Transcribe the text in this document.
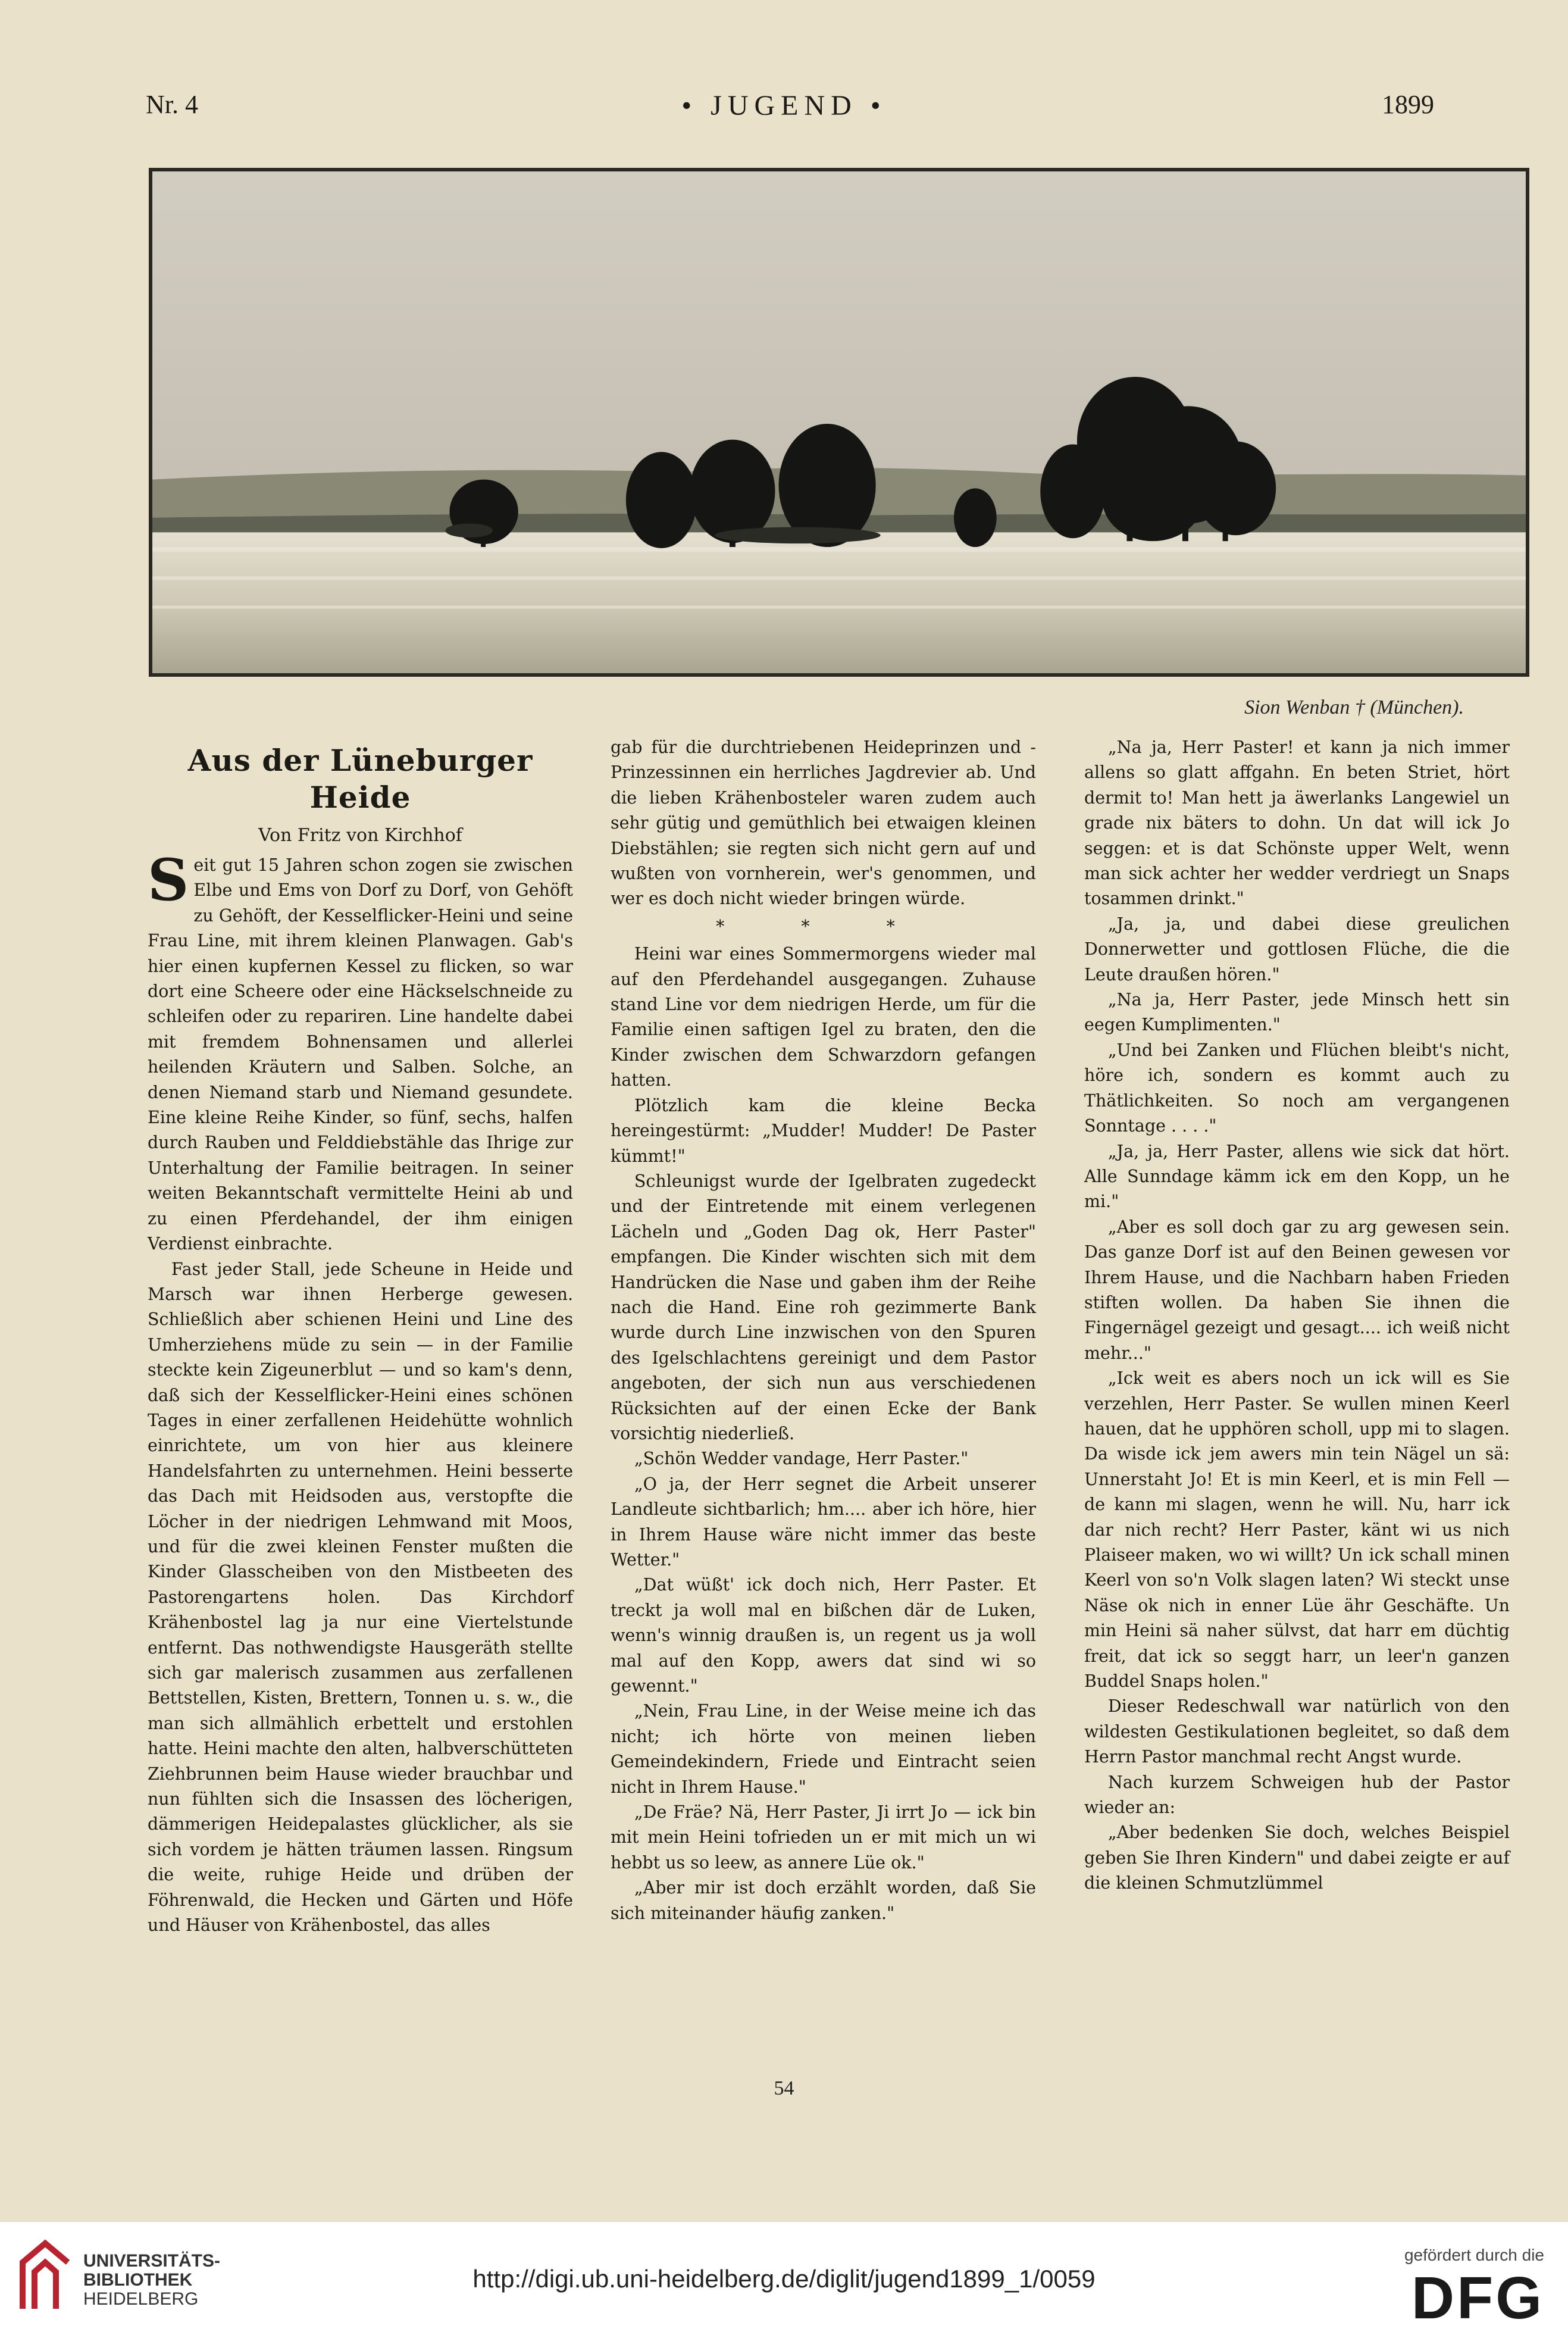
Nr. 4	• JUGEND •	1899
Sion Wenban † (München).
Aus der Lüneburger Heide
Von Fritz von Kirchhof

Seit gut 15 Jahren schon zogen sie zwischen Elbe und Ems von Dorf zu Dorf, von Gehöft zu Gehöft, der Kesselflicker-Heini und seine Frau Line, mit ihrem kleinen Planwagen. Gab's hier einen kupfernen Kessel zu flicken, so war dort eine Scheere oder eine Häckselschneide zu schleifen oder zu repariren. Line handelte dabei mit fremdem Bohnensamen und allerlei heilenden Kräutern und Salben. Solche, an denen Niemand starb und Niemand gesundete. Eine kleine Reihe Kinder, so fünf, sechs, halfen durch Rauben und Felddiebstähle das Ihrige zur Unterhaltung der Familie beitragen. In seiner weiten Bekanntschaft vermittelte Heini ab und zu einen Pferdehandel, der ihm einigen Verdienst einbrachte.

Fast jeder Stall, jede Scheune in Heide und Marsch war ihnen Herberge gewesen. Schließlich aber schienen Heini und Line des Umherziehens müde zu sein — in der Familie steckte kein Zigeunerblut — und so kam's denn, daß sich der Kesselflicker-Heini eines schönen Tages in einer zerfallenen Heidehütte wohnlich einrichtete, um von hier aus kleinere Handelsfahrten zu unternehmen. Heini besserte das Dach mit Heidsoden aus, verstopfte die Löcher in der niedrigen Lehmwand mit Moos, und für die zwei kleinen Fenster mußten die Kinder Glasscheiben von den Mistbeeten des Pastorengartens holen. Das Kirchdorf Krähenbostel lag ja nur eine Viertelstunde entfernt. Das nothwendigste Hausgeräth stellte sich gar malerisch zusammen aus zerfallenen Bettstellen, Kisten, Brettern, Tonnen u. s. w., die man sich allmählich erbettelt und erstohlen hatte. Heini machte den alten, halbverschütteten Ziehbrunnen beim Hause wieder brauchbar und nun fühlten sich die Insassen des löcherigen, dämmerigen Heidepalastes glücklicher, als sie sich vordem je hätten träumen lassen. Ringsum die weite, ruhige Heide und drüben der Föhrenwald, die Hecken und Gärten und Höfe und Häuser von Krähenbostel, das alles

gab für die durchtriebenen Heideprinzen und -Prinzessinnen ein herrliches Jagdrevier ab. Und die lieben Krähenbosteler waren zudem auch sehr gütig und gemüthlich bei etwaigen kleinen Diebstählen; sie regten sich nicht gern auf und wußten von vornherein, wer's genommen, und wer es doch nicht wieder bringen würde.

* * *

Heini war eines Sommermorgens wieder mal auf den Pferdehandel ausgegangen. Zuhause stand Line vor dem niedrigen Herde, um für die Familie einen saftigen Igel zu braten, den die Kinder zwischen dem Schwarzdorn gefangen hatten.

Plötzlich kam die kleine Becka hereingestürmt: „Mudder! Mudder! De Paster kümmt!"

Schleunigst wurde der Igelbraten zugedeckt und der Eintretende mit einem verlegenen Lächeln und „Goden Dag ok, Herr Paster" empfangen. Die Kinder wischten sich mit dem Handrücken die Nase und gaben ihm der Reihe nach die Hand. Eine roh gezimmerte Bank wurde durch Line inzwischen von den Spuren des Igelschlachtens gereinigt und dem Pastor angeboten, der sich nun aus verschiedenen Rücksichten auf der einen Ecke der Bank vorsichtig niederließ.

„Schön Wedder vandage, Herr Paster."

„O ja, der Herr segnet die Arbeit unserer Landleute sichtbarlich; hm.... aber ich höre, hier in Ihrem Hause wäre nicht immer das beste Wetter."

„Dat wüßt' ick doch nich, Herr Paster. Et treckt ja woll mal en bißchen där de Luken, wenn's winnig draußen is, un regent us ja woll mal auf den Kopp, awers dat sind wi so gewennt."

„Nein, Frau Line, in der Weise meine ich das nicht; ich hörte von meinen lieben Gemeindekindern, Friede und Eintracht seien nicht in Ihrem Hause."

„De Fräe? Nä, Herr Paster, Ji irrt Jo — ick bin mit mein Heini tofrieden un er mit mich un wi hebbt us so leew, as annere Lüe ok."

„Aber mir ist doch erzählt worden, daß Sie sich miteinander häufig zanken."

„Na ja, Herr Paster! et kann ja nich immer allens so glatt affgahn. En beten Striet, hört dermit to! Man hett ja äwerlanks Langewiel un grade nix bäters to dohn. Un dat will ick Jo seggen: et is dat Schönste upper Welt, wenn man sick achter her wedder verdriegt un Snaps tosammen drinkt."

„Ja, ja, und dabei diese greulichen Donnerwetter und gottlosen Flüche, die die Leute draußen hören."

„Na ja, Herr Paster, jede Minsch hett sin eegen Kumplimenten."

„Und bei Zanken und Flüchen bleibt's nicht, höre ich, sondern es kommt auch zu Thätlichkeiten. So noch am vergangenen Sonntage . . . ."

„Ja, ja, Herr Paster, allens wie sick dat hört. Alle Sunndage kämm ick em den Kopp, un he mi."

„Aber es soll doch gar zu arg gewesen sein. Das ganze Dorf ist auf den Beinen gewesen vor Ihrem Hause, und die Nachbarn haben Frieden stiften wollen. Da haben Sie ihnen die Fingernägel gezeigt und gesagt.... ich weiß nicht mehr..."

„Ick weit es abers noch un ick will es Sie verzehlen, Herr Paster. Se wullen minen Keerl hauen, dat he upphören scholl, upp mi to slagen. Da wisde ick jem awers min tein Nägel un sä: Unnerstaht Jo! Et is min Keerl, et is min Fell — de kann mi slagen, wenn he will. Nu, harr ick dar nich recht? Herr Paster, känt wi us nich Plaiseer maken, wo wi willt? Un ick schall minen Keerl von so'n Volk slagen laten? Wi steckt unse Näse ok nich in enner Lüe ähr Geschäfte. Un min Heini sä naher sülvst, dat harr em düchtig freit, dat ick so seggt harr, un leer'n ganzen Buddel Snaps holen."

Dieser Redeschwall war natürlich von den wildesten Gestikulationen begleitet, so daß dem Herrn Pastor manchmal recht Angst wurde.

Nach kurzem Schweigen hub der Pastor wieder an:

„Aber bedenken Sie doch, welches Beispiel geben Sie Ihren Kindern" und dabei zeigte er auf die kleinen Schmutzlümmel

54
UNIVERSITÄTS-
BIBLIOTHEK
HEIDELBERG
http://digi.ub.uni-heidelberg.de/diglit/jugend1899_1/0059
gefördert durch die
DFG
